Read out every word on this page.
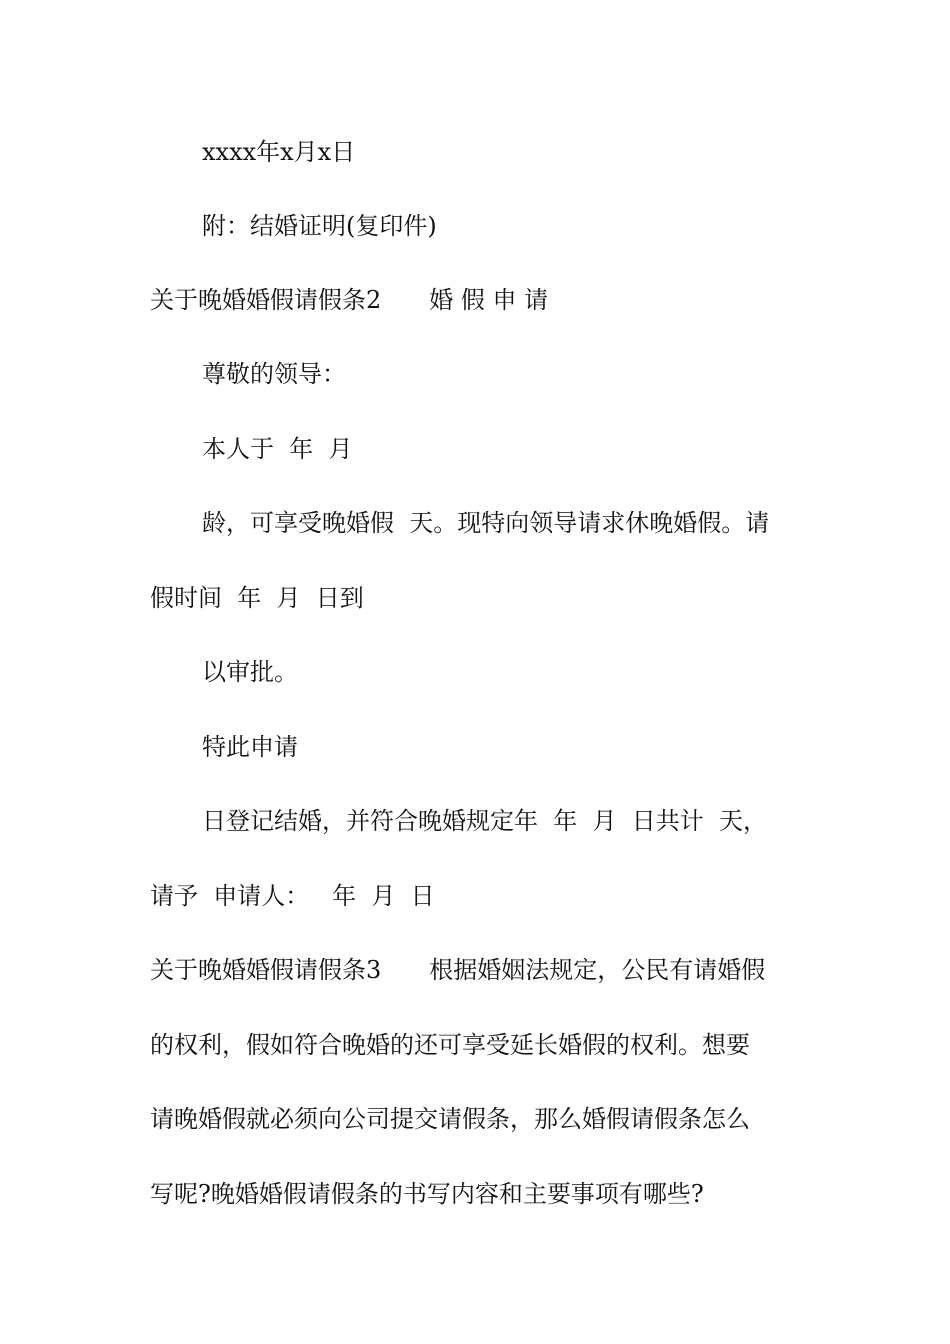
xxxx年x月x日

附：结婚证明(复印件)

关于晚婚婚假请假条2　　婚 假 申 请

尊敬的领导：

本人于  年  月

龄，可享受晚婚假  天。现特向领导请求休晚婚假。请

假时间  年  月  日到

以审批。

特此申请

日登记结婚，并符合晚婚规定年  年  月  日共计  天，

请予  申请人：   年  月  日

关于晚婚婚假请假条3　　根据婚姻法规定，公民有请婚假

的权利，假如符合晚婚的还可享受延长婚假的权利。想要

请晚婚假就必须向公司提交请假条，那么婚假请假条怎么

写呢?晚婚婚假请假条的书写内容和主要事项有哪些?
